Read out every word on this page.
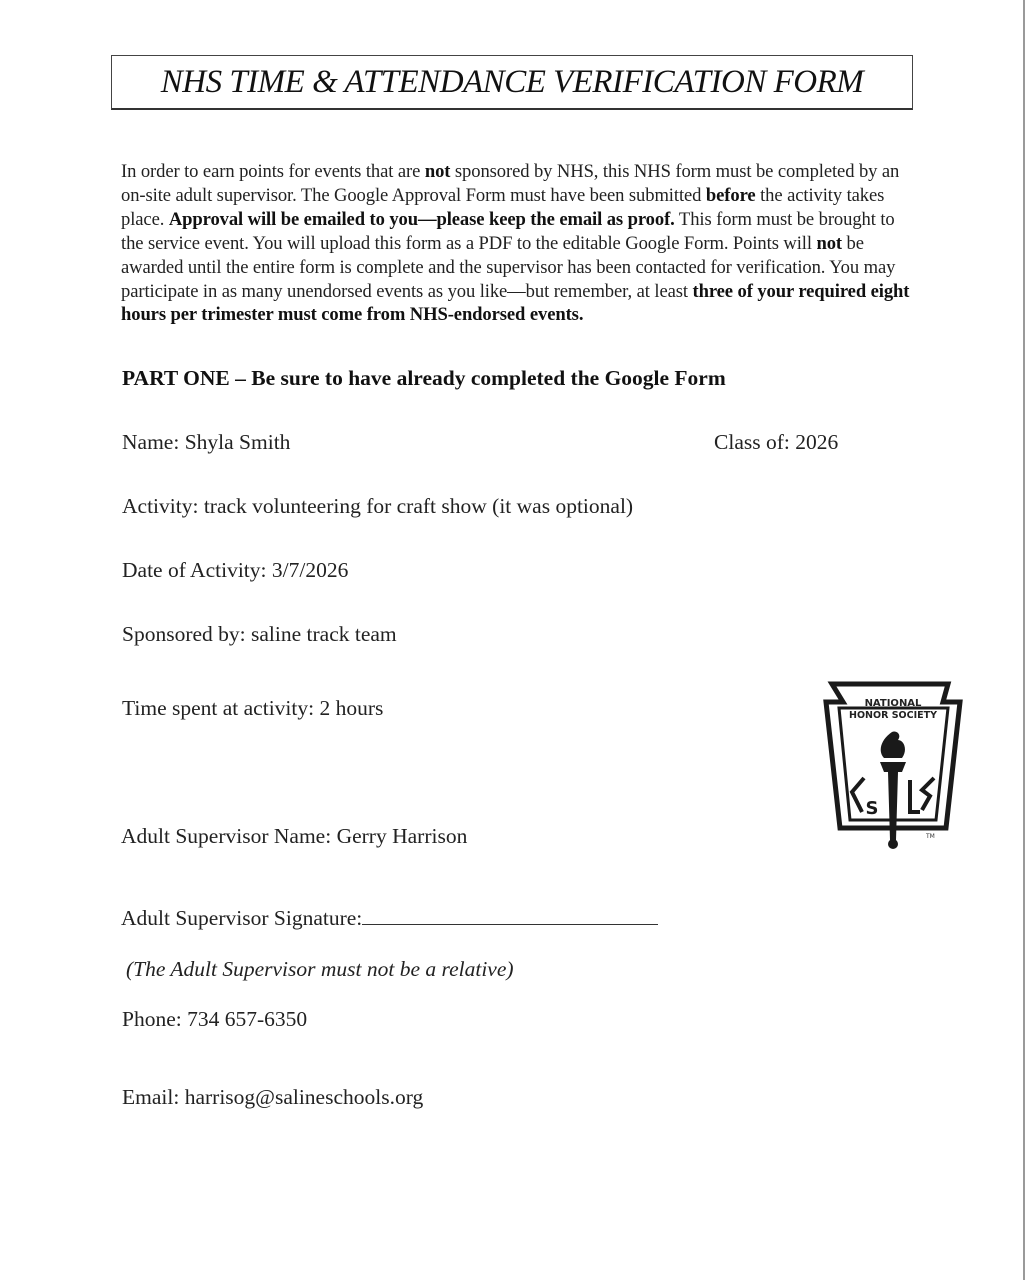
NHS TIME & ATTENDANCE VERIFICATION FORM
In order to earn points for events that are not sponsored by NHS, this NHS form must be completed by an on-site adult supervisor. The Google Approval Form must have been submitted before the activity takes place. Approval will be emailed to you—please keep the email as proof. This form must be brought to the service event. You will upload this form as a PDF to the editable Google Form. Points will not be awarded until the entire form is complete and the supervisor has been contacted for verification. You may participate in as many unendorsed events as you like—but remember, at least three of your required eight hours per trimester must come from NHS-endorsed events.
PART ONE – Be sure to have already completed the Google Form
Name: Shyla Smith	Class of: 2026
Activity: track volunteering for craft show (it was optional)
Date of Activity: 3/7/2026
Sponsored by: saline track team
Time spent at activity: 2 hours
Adult Supervisor Name: Gerry Harrison
Adult Supervisor Signature:
(The Adult Supervisor must not be a relative)
Phone: 734 657-6350
Email: harrisog@salineschools.org
NATIONAL
HONOR SOCIETY
S
TM
